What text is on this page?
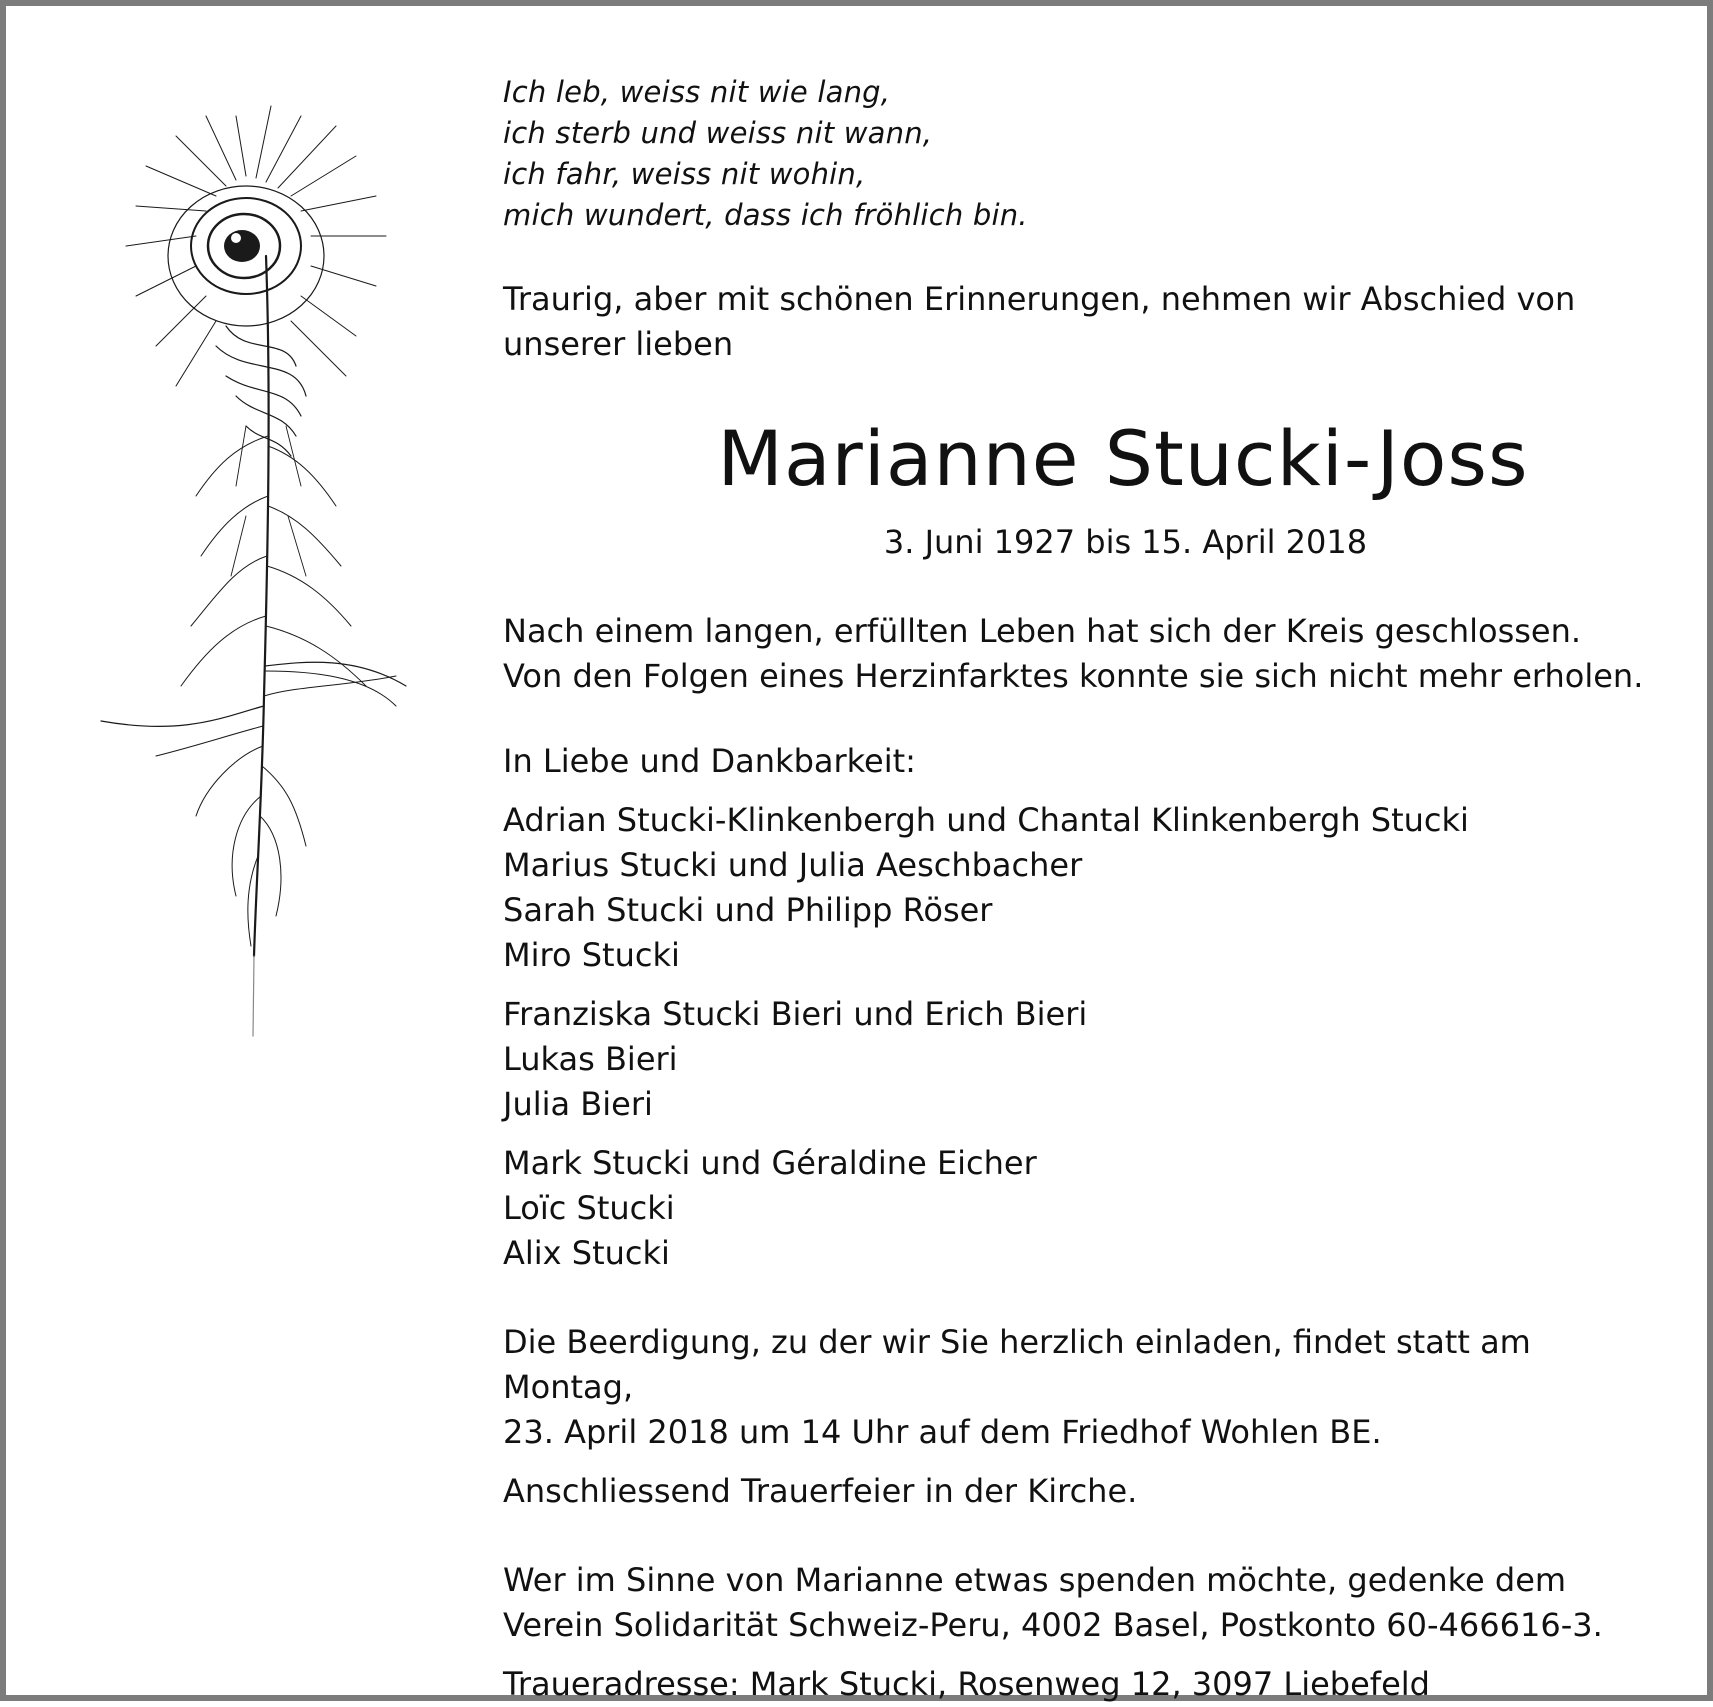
Ich leb, weiss nit wie lang,

ich sterb und weiss nit wann,

ich fahr, weiss nit wohin,

mich wundert, dass ich fröhlich bin.

Traurig, aber mit schönen Erinnerungen, nehmen wir Abschied von
unserer lieben
Marianne Stucki-Joss
3. Juni 1927 bis 15. April 2018
Nach einem langen, erfüllten Leben hat sich der Kreis geschlossen.
Von den Folgen eines Herzinfarktes konnte sie sich nicht mehr erholen.
In Liebe und Dankbarkeit:
Adrian Stucki-Klinkenbergh und Chantal Klinkenbergh Stucki
Marius Stucki und Julia Aeschbacher
Sarah Stucki und Philipp Röser
Miro Stucki
Franziska Stucki Bieri und Erich Bieri
Lukas Bieri
Julia Bieri
Mark Stucki und Géraldine Eicher
Loïc Stucki
Alix Stucki
Die Beerdigung, zu der wir Sie herzlich einladen, findet statt am Montag,
23. April 2018 um 14 Uhr auf dem Friedhof Wohlen BE.
Anschliessend Trauerfeier in der Kirche.
Wer im Sinne von Marianne etwas spenden möchte, gedenke dem
Verein Solidarität Schweiz-Peru, 4002 Basel, Postkonto 60-466616-3.
Traueradresse: Mark Stucki, Rosenweg 12, 3097 Liebefeld
